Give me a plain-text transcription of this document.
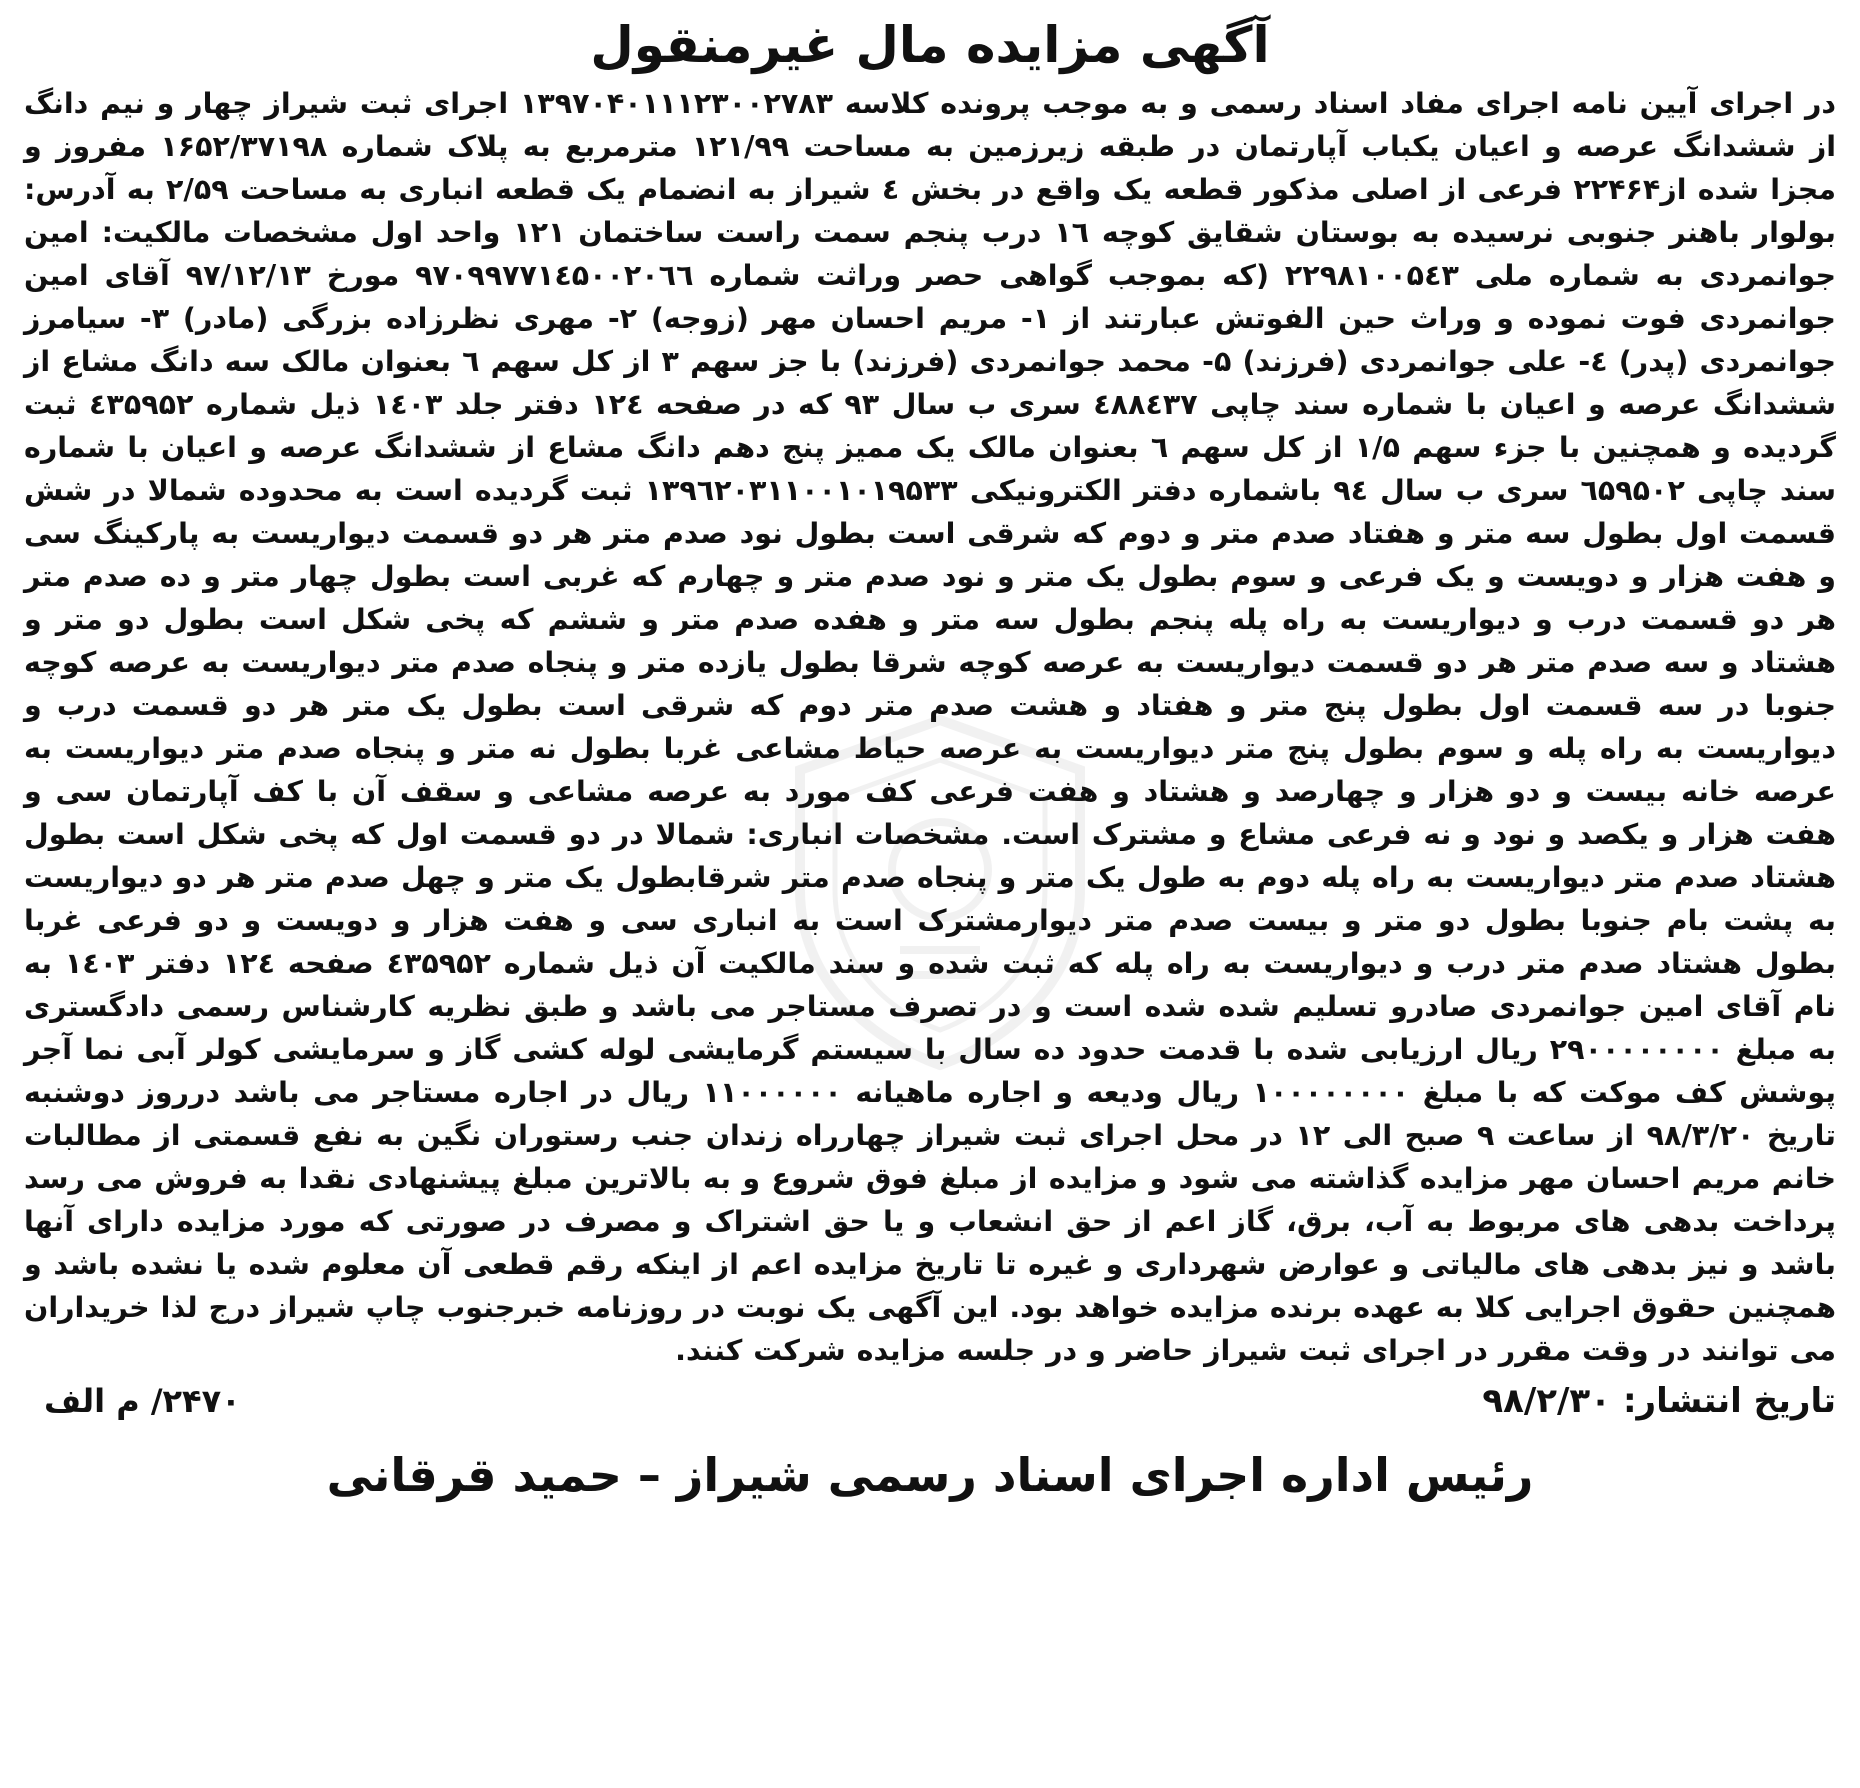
آگهی مزایده مال غیرمنقول

در اجرای آیین نامه اجرای مفاد اسناد رسمی و به موجب پرونده کلاسه ۱۳۹۷۰۴۰۱۱۱۲۳۰۰۲۷۸۳ اجرای ثبت شیراز چهار و نیم دانگ از ششدانگ عرصه و اعیان یکباب آپارتمان در طبقه زیرزمین به مساحت ۱۲۱/۹۹ مترمربع به پلاک شماره ۱۶۵۲/۳۷۱۹۸ مفروز و مجزا شده از۲۲۴۶۴ فرعی از اصلی مذکور قطعه یک واقع در بخش ٤ شیراز به انضمام یک قطعه انباری به مساحت ۲/۵۹ به آدرس: بولوار باهنر جنوبی نرسیده به بوستان شقایق کوچه ١٦ درب پنجم سمت راست ساختمان ۱۲۱ واحد اول مشخصات مالکیت: امین جوانمردی به شماره ملی ۲۲۹۸۱۰۰۵٤۳ (که بموجب گواهی حصر وراثت شماره ۹۷۰۹۹۷۷۱٤۵۰۰۲۰٦٦ مورخ ۹۷/۱۲/۱۳ آقای امین جوانمردی فوت نموده و وراث حین الفوتش عبارتند از ۱- مریم احسان مهر (زوجه) ۲- مهری نظرزاده بزرگی (مادر) ۳- سیامرز جوانمردی (پدر) ٤- علی جوانمردی (فرزند) ۵- محمد جوانمردی (فرزند) با جز سهم ۳ از کل سهم ٦ بعنوان مالک سه دانگ مشاع از ششدانگ عرصه و اعیان با شماره سند چاپی ٤۸۸٤۳۷ سری ب سال ۹۳ که در صفحه ۱۲٤ دفتر جلد ۱٤۰۳ ذیل شماره ٤۳۵۹۵۲ ثبت گردیده و همچنین با جزء سهم ۱/۵ از کل سهم ٦ بعنوان مالک یک ممیز پنج دهم دانگ مشاع از ششدانگ عرصه و اعیان با شماره سند چاپی ٦۵۹۵۰۲ سری ب سال ۹٤ باشماره دفتر الکترونیکی ۱۳۹٦۲۰۳۱۱۰۰۱۰۱۹۵۳۳ ثبت گردیده است به محدوده شمالا در شش قسمت اول بطول سه متر و هفتاد صدم متر و دوم که شرقی است بطول نود صدم متر هر دو قسمت دیواریست به پارکینگ سی و هفت هزار و دویست و یک فرعی و سوم بطول یک متر و نود صدم متر و چهارم که غربی است بطول چهار متر و ده صدم متر هر دو قسمت درب و دیواریست به راه پله پنجم بطول سه متر و هفده صدم متر و ششم که پخی شکل است بطول دو متر و هشتاد و سه صدم متر هر دو قسمت دیواریست به عرصه کوچه شرقا بطول یازده متر و پنجاه صدم متر دیواریست به عرصه کوچه جنوبا در سه قسمت اول بطول پنج متر و هفتاد و هشت صدم متر دوم که شرقی است بطول یک متر هر دو قسمت درب و دیواریست به راه پله و سوم بطول پنج متر دیواریست به عرصه حیاط مشاعی غربا بطول نه متر و پنجاه صدم متر دیواریست به عرصه خانه بیست و دو هزار و چهارصد و هشتاد و هفت فرعی کف مورد به عرصه مشاعی و سقف آن با کف آپارتمان سی و هفت هزار و یکصد و نود و نه فرعی مشاع و مشترک است. مشخصات انباری: شمالا در دو قسمت اول که پخی شکل است بطول هشتاد صدم متر دیواریست به راه پله دوم به طول یک متر و پنجاه صدم متر شرقابطول یک متر و چهل صدم متر هر دو دیواریست به پشت بام جنوبا بطول دو متر و بیست صدم متر دیوارمشترک است به انباری سی و هفت هزار و دویست و دو فرعی غربا بطول هشتاد صدم متر درب و دیواریست به راه پله که ثبت شده و سند مالکیت آن ذیل شماره ٤۳۵۹۵۲ صفحه ۱۲٤ دفتر ۱٤۰۳ به نام آقای امین جوانمردی صادرو تسلیم شده شده است و در تصرف مستاجر می باشد و طبق نظریه کارشناس رسمی دادگستری به مبلغ ۲۹۰۰۰۰۰۰۰۰ ریال ارزیابی شده با قدمت حدود ده سال با سیستم گرمایشی لوله کشی گاز و سرمایشی کولر آبی نما آجر پوشش کف موکت که با مبلغ ۱۰۰۰۰۰۰۰۰ ریال ودیعه و اجاره ماهیانه ۱۱۰۰۰۰۰۰ ریال در اجاره مستاجر می باشد درروز دوشنبه تاریخ ۹۸/۳/۲۰ از ساعت ۹ صبح الی ۱۲ در محل اجرای ثبت شیراز چهارراه زندان جنب رستوران نگین به نفع قسمتی از مطالبات خانم مریم احسان مهر مزایده گذاشته می شود و مزایده از مبلغ فوق شروع و به بالاترین مبلغ پیشنهادی نقدا به فروش می رسد پرداخت بدهی های مربوط به آب، برق، گاز اعم از حق انشعاب و یا حق اشتراک و مصرف در صورتی که مورد مزایده دارای آنها باشد و نیز بدهی های مالیاتی و عوارض شهرداری و غیره تا تاریخ مزایده اعم از اینکه رقم قطعی آن معلوم شده یا نشده باشد و همچنین حقوق اجرایی کلا به عهده برنده مزایده خواهد بود. این آگهی یک نوبت در روزنامه خبرجنوب چاپ شیراز درج لذا خریداران می توانند در وقت مقرر در اجرای ثبت شیراز حاضر و در جلسه مزایده شرکت کنند.

تاریخ انتشار:۹۸/۲/۳۰
۲۴۷۰/ م الف
رئیس اداره اجرای اسناد رسمی شیراز – حمید قرقانی
